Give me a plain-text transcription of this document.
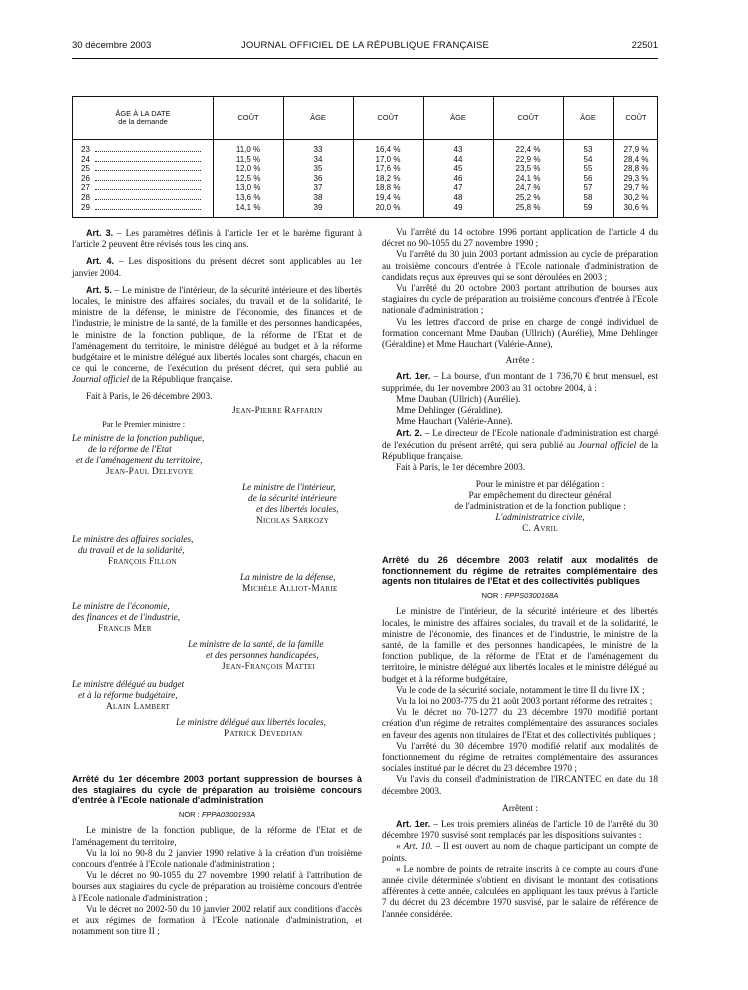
30 décembre 2003	JOURNAL OFFICIEL DE LA RÉPUBLIQUE FRANÇAISE	22501
ÂGE À LA DATE
de la demande	COÛT	ÂGE	COÛT	ÂGE	COÛT	ÂGE	COÛT
23	11,0 %	33	16,4 %	43	22,4 %	53	27,9 %
24	11,5 %	34	17,0 %	44	22,9 %	54	28,4 %
25	12,0 %	35	17,6 %	45	23,5 %	55	28,8 %
26	12,5 %	36	18,2 %	46	24,1 %	56	29,3 %
27	13,0 %	37	18,8 %	47	24,7 %	57	29,7 %
28	13,6 %	38	19,4 %	48	25,2 %	58	30,2 %
29	14,1 %	39	20,0 %	49	25,8 %	59	30,6 %

Art. 3. – Les paramètres définis à l'article 1er et le barème figurant à l'article 2 peuvent être révisés tous les cinq ans.

Art. 4. – Les dispositions du présent décret sont applicables au 1er janvier 2004.

Art. 5. – Le ministre de l'intérieur, de la sécurité intérieure et des libertés locales, le ministre des affaires sociales, du travail et de la solidarité, le ministre de la défense, le ministre de l'économie, des finances et de l'industrie, le ministre de la santé, de la famille et des personnes handicapées, le ministre de la fonction publique, de la réforme de l'Etat et de l'aménagement du territoire, le ministre délégué au budget et à la réforme budgétaire et le ministre délégué aux libertés locales sont chargés, chacun en ce qui le concerne, de l'exécution du présent décret, qui sera publié au Journal officiel de la République française.

Fait à Paris, le 26 décembre 2003.

Jean-Pierre Raffarin

Par le Premier ministre :

Le ministre de la fonction publique,

de la réforme de l'Etat

et de l'aménagement du territoire,

Jean-Paul Delevoye

Le ministre de l'intérieur,

de la sécurité intérieure

et des libertés locales,

Nicolas Sarkozy

Le ministre des affaires sociales,

du travail et de la solidarité,

François Fillon

La ministre de la défense,

Michèle Alliot-Marie

Le ministre de l'économie,

des finances et de l'industrie,

Francis Mer

Le ministre de la santé, de la famille

et des personnes handicapées,

Jean-François Mattei

Le ministre délégué au budget

et à la réforme budgétaire,

Alain Lambert

Le ministre délégué aux libertés locales,

Patrick Devedjian

Arrêté du 1er décembre 2003 portant suppression de bourses à des stagiaires du cycle de préparation au troisième concours d'entrée à l'Ecole nationale d'administration

NOR : FPPA0300193A

Le ministre de la fonction publique, de la réforme de l'Etat et de l'aménagement du territoire,

Vu la loi no 90-8 du 2 janvier 1990 relative à la création d'un troisième concours d'entrée à l'Ecole nationale d'administration ;

Vu le décret no 90-1055 du 27 novembre 1990 relatif à l'attribution de bourses aux stagiaires du cycle de préparation au troisième concours d'entrée à l'Ecole nationale d'administration ;

Vu le décret no 2002-50 du 10 janvier 2002 relatif aux conditions d'accès et aux régimes de formation à l'Ecole nationale d'administration, et notamment son titre II ;

Vu l'arrêté du 14 octobre 1996 portant application de l'article 4 du décret no 90-1055 du 27 novembre 1990 ;

Vu l'arrêté du 30 juin 2003 portant admission au cycle de préparation au troisième concours d'entrée à l'Ecole nationale d'administration de candidats reçus aux épreuves qui se sont déroulées en 2003 ;

Vu l'arrêté du 20 octobre 2003 portant attribution de bourses aux stagiaires du cycle de préparation au troisième concours d'entrée à l'Ecole nationale d'administration ;

Vu les lettres d'accord de prise en charge de congé individuel de formation concernant Mme Dauban (Ullrich) (Aurélie), Mme Dehlinger (Géraldine) et Mme Hauchart (Valérie-Anne),

Arrête :

Art. 1er. – La bourse, d'un montant de 1 736,70 € brut mensuel, est supprimée, du 1er novembre 2003 au 31 octobre 2004, à :

Mme Dauban (Ullrich) (Aurélie).

Mme Dehlinger (Géraldine).

Mme Hauchart (Valérie-Anne).

Art. 2. – Le directeur de l'Ecole nationale d'administration est chargé de l'exécution du présent arrêté, qui sera publié au Journal officiel de la République française.

Fait à Paris, le 1er décembre 2003.

Pour le ministre et par délégation :

Par empêchement du directeur général

de l'administration et de la fonction publique :

L'administratrice civile,

C. Avril

Arrêté du 26 décembre 2003 relatif aux modalités de fonctionnement du régime de retraites complémentaire des agents non titulaires de l'Etat et des collectivités publiques

NOR : FPPS0300168A

Le ministre de l'intérieur, de la sécurité intérieure et des libertés locales, le ministre des affaires sociales, du travail et de la solidarité, le ministre de l'économie, des finances et de l'industrie, le ministre de la santé, de la famille et des personnes handicapées, le ministre de la fonction publique, de la réforme de l'Etat et de l'aménagement du territoire, le ministre délégué aux libertés locales et le ministre délégué au budget et à la réforme budgétaire,

Vu le code de la sécurité sociale, notamment le titre II du livre IX ;

Vu la loi no 2003-775 du 21 août 2003 portant réforme des retraites ;

Vu le décret no 70-1277 du 23 décembre 1970 modifié portant création d'un régime de retraites complémentaire des assurances sociales en faveur des agents non titulaires de l'Etat et des collectivités publiques ;

Vu l'arrêté du 30 décembre 1970 modifié relatif aux modalités de fonctionnement du régime de retraites complémentaire des assurances sociales institué par le décret du 23 décembre 1970 ;

Vu l'avis du conseil d'administration de l'IRCANTEC en date du 18 décembre 2003.

Arrêtent :

Art. 1er. – Les trois premiers alinéas de l'article 10 de l'arrêté du 30 décembre 1970 susvisé sont remplacés par les dispositions suivantes :

« Art. 10. – Il est ouvert au nom de chaque participant un compte de points.

« Le nombre de points de retraite inscrits à ce compte au cours d'une année civile déterminée s'obtient en divisant le montant des cotisations afférentes à cette année, calculées en appliquant les taux prévus à l'article 7 du décret du 23 décembre 1970 susvisé, par le salaire de référence de l'année considérée.
